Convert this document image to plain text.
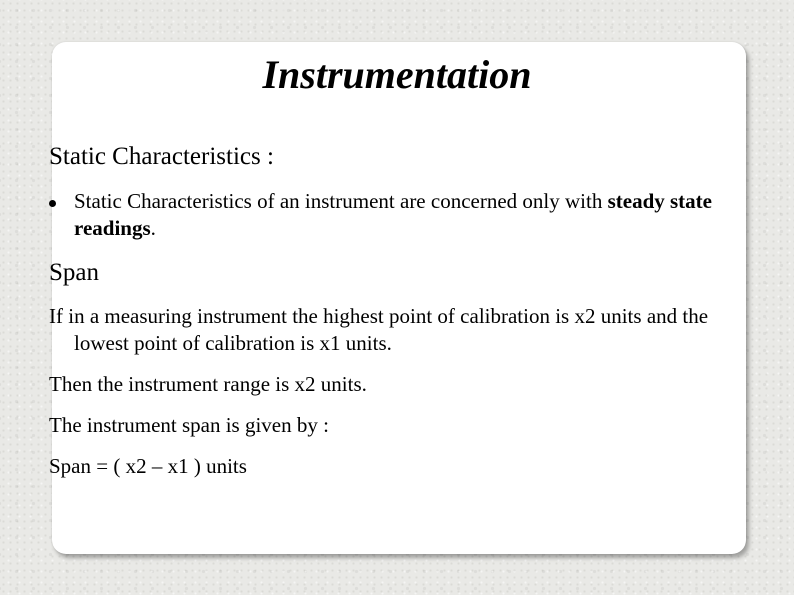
Instrumentation
Static Characteristics :
Static Characteristics of an instrument are concerned only with steady state readings.
Span

If in a measuring instrument the highest point of calibration is x2 units and the lowest point of calibration is x1 units.

Then the instrument range is x2 units.

The instrument span is given by :

Span = ( x2 – x1 ) units
